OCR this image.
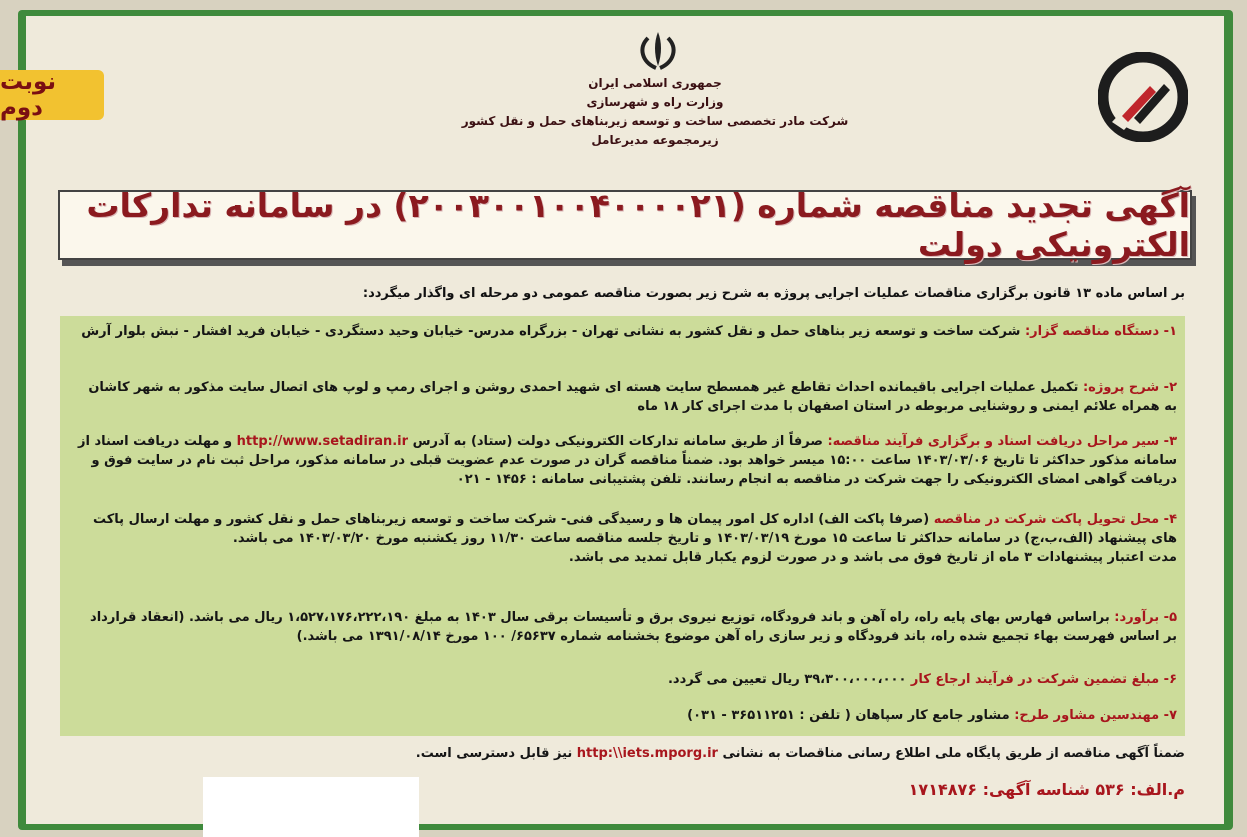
نوبت دوم
جمهوری اسلامی ایران
وزارت راه و شهرسازی
شرکت مادر تخصصی ساخت و توسعه زیربناهای حمل و نقل کشور
زیرمجموعه مدیرعامل
آگهی تجدید مناقصه شماره (۲۰۰۳۰۰۱۰۰۴۰۰۰۰۲۱) در سامانه تدارکات الکترونیکی دولت
بر اساس ماده ۱۳ قانون برگزاری مناقصات عملیات اجرایی پروژه به شرح زیر بصورت مناقصه عمومی دو مرحله ای واگذار میگردد:
۱- دستگاه مناقصه گزار: شرکت ساخت و توسعه زیر بناهای حمل و نقل کشور به نشانی تهران - بزرگراه مدرس- خیابان وحید دستگردی - خیابان فرید افشار - نبش بلوار آرش
۲- شرح پروژه: تکمیل عملیات اجرایی باقیمانده احداث تقاطع غیر همسطح سایت هسته ای شهید احمدی روشن و اجرای رمپ و لوپ های اتصال سایت مذکور به شهر کاشان به همراه علائم ایمنی و روشنایی مربوطه در استان اصفهان با مدت اجرای کار ۱۸ ماه
۳- سیر مراحل دریافت اسناد و برگزاری فرآیند مناقصه: صرفاً از طریق سامانه تدارکات الکترونیکی دولت (ستاد) به آدرس http://www.setadiran.ir و مهلت دریافت اسناد از سامانه مذکور حداکثر تا تاریخ ۱۴۰۳/۰۳/۰۶ ساعت ۱۵:۰۰ میسر خواهد بود. ضمناً مناقصه گران در صورت عدم عضویت قبلی در سامانه مذکور، مراحل ثبت نام در سایت فوق و دریافت گواهی امضای الکترونیکی را جهت شرکت در مناقصه به انجام رسانند. تلفن پشتیبانی سامانه : ۱۴۵۶ - ۰۲۱
۴- محل تحویل پاکت شرکت در مناقصه (صرفا پاکت الف) اداره کل امور پیمان ها و رسیدگی فنی- شرکت ساخت و توسعه زیربناهای حمل و نقل کشور و مهلت ارسال پاکت های پیشنهاد (الف،ب،ج) در سامانه حداکثر تا ساعت ۱۵ مورخ ۱۴۰۳/۰۳/۱۹ و تاریخ جلسه مناقصه ساعت ۱۱/۳۰ روز یکشنبه مورخ ۱۴۰۳/۰۳/۲۰ می باشد.
مدت اعتبار پیشنهادات ۳ ماه از تاریخ فوق می باشد و در صورت لزوم یکبار قابل تمدید می باشد.
۵- برآورد: براساس فهارس بهای پایه راه، راه آهن و باند فرودگاه، توزیع نیروی برق و تأسیسات برقی سال ۱۴۰۳ به مبلغ ۱،۵۲۷،۱۷۶،۲۲۲،۱۹۰ ریال می باشد. (انعقاد قرارداد بر اساس فهرست بهاء تجمیع شده راه، باند فرودگاه و زیر سازی راه آهن موضوع بخشنامه شماره ۶۵۶۳۷/ ۱۰۰ مورخ ۱۳۹۱/۰۸/۱۴ می باشد.)
۶- مبلغ تضمین شرکت در فرآیند ارجاع کار ۳۹،۳۰۰،۰۰۰،۰۰۰ ریال تعیین می گردد.
۷- مهندسین مشاور طرح: مشاور جامع کار سپاهان ( تلفن : ۳۶۵۱۱۲۵۱ - ۰۳۱)
ضمناً آگهی مناقصه از طریق پایگاه ملی اطلاع رسانی مناقصات به نشانی http:\\iets.mporg.ir نیز قابل دسترسی است.
م.الف: ۵۳۶ شناسه آگهی: ۱۷۱۴۸۷۶
